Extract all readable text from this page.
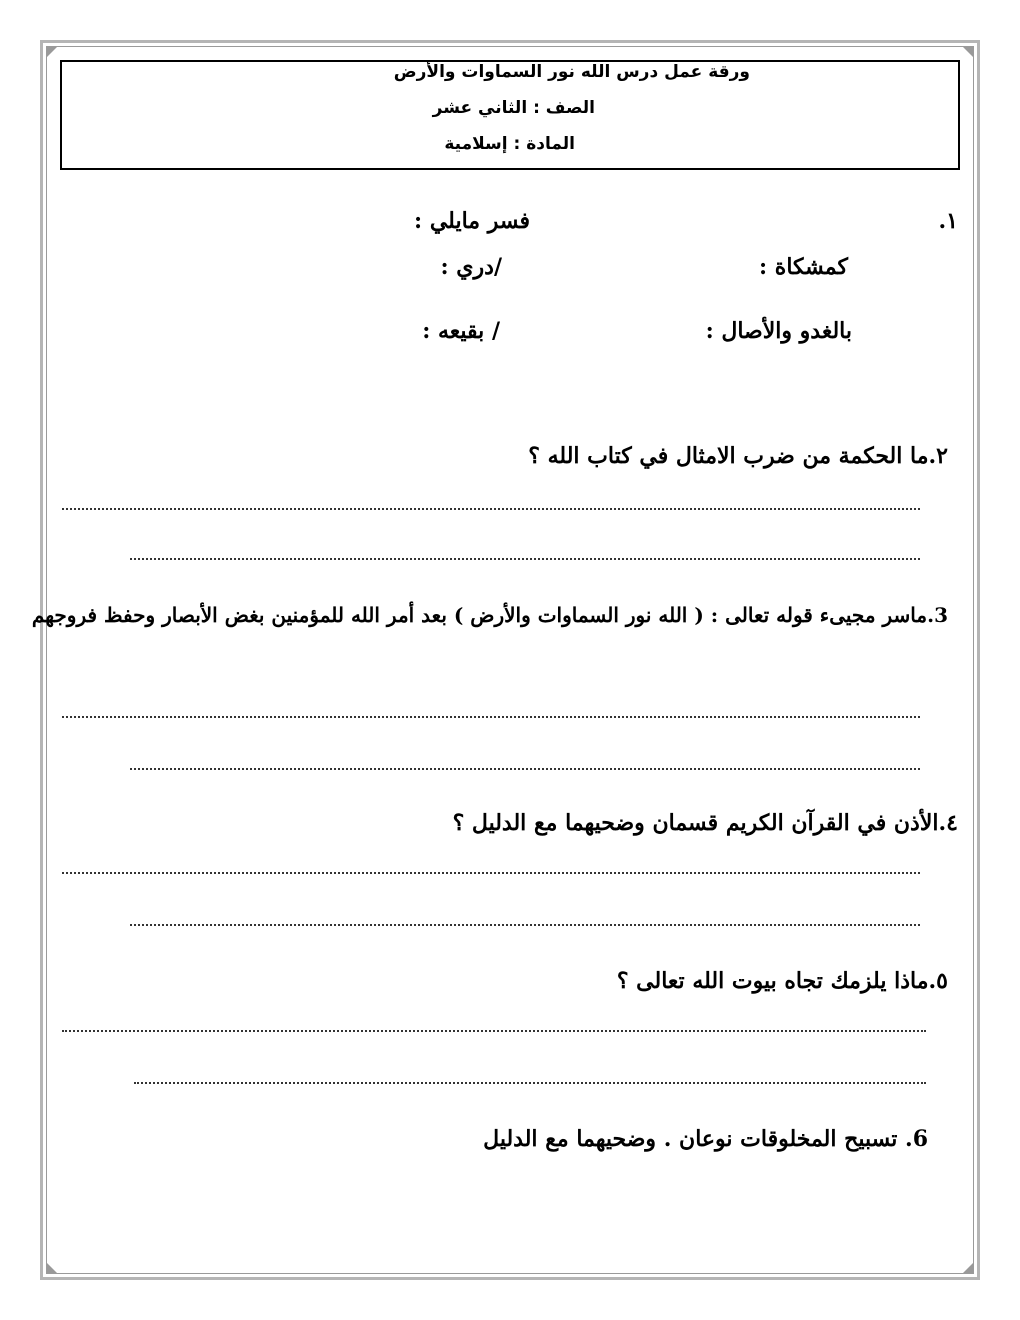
ورقة عمل درس الله نور السماوات والأرض
الصف : الثاني عشر
المادة : إسلامية
١.
فسر مايلي :
كمشكاة :
/دري :
بالغدو والأصال :
/ بقيعه :
٢.ما الحكمة من ضرب الامثال في كتاب الله ؟
3.ماسر مجيىء قوله تعالى : ( الله نور السماوات والأرض ) بعد أمر الله للمؤمنين بغض الأبصار وحفظ فروجهم
٤.الأذن في القرآن الكريم قسمان وضحيهما مع الدليل ؟
٥.ماذا يلزمك تجاه بيوت الله تعالى ؟
6. تسبيح المخلوقات نوعان . وضحيهما مع الدليل
